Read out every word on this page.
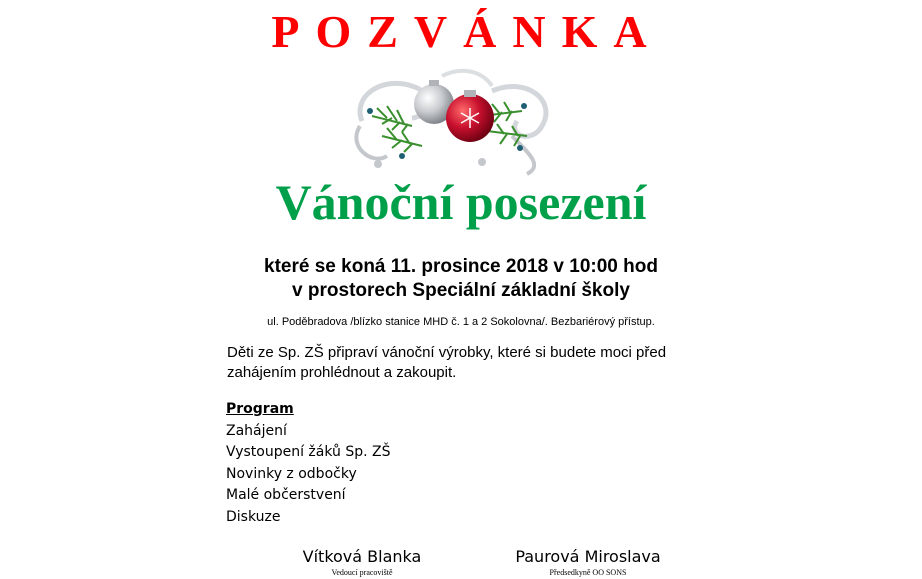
POZVÁNKA
Vánoční posezení
které se koná 11. prosince 2018 v 10:00 hod
v prostorech Speciální základní školy
ul. Poděbradova /blízko stanice MHD č. 1 a 2 Sokolovna/. Bezbariérový přístup.
Děti ze Sp. ZŠ připraví vánoční výrobky, které si budete moci před zahájením prohlédnout a zakoupit.
Program
Zahájení
Vystoupení žáků Sp. ZŠ
Novinky z odbočky
Malé občerstvení
Diskuze
Vítková Blanka
Vedoucí pracoviště
Paurová Miroslava
Předsedkyně OO SONS
